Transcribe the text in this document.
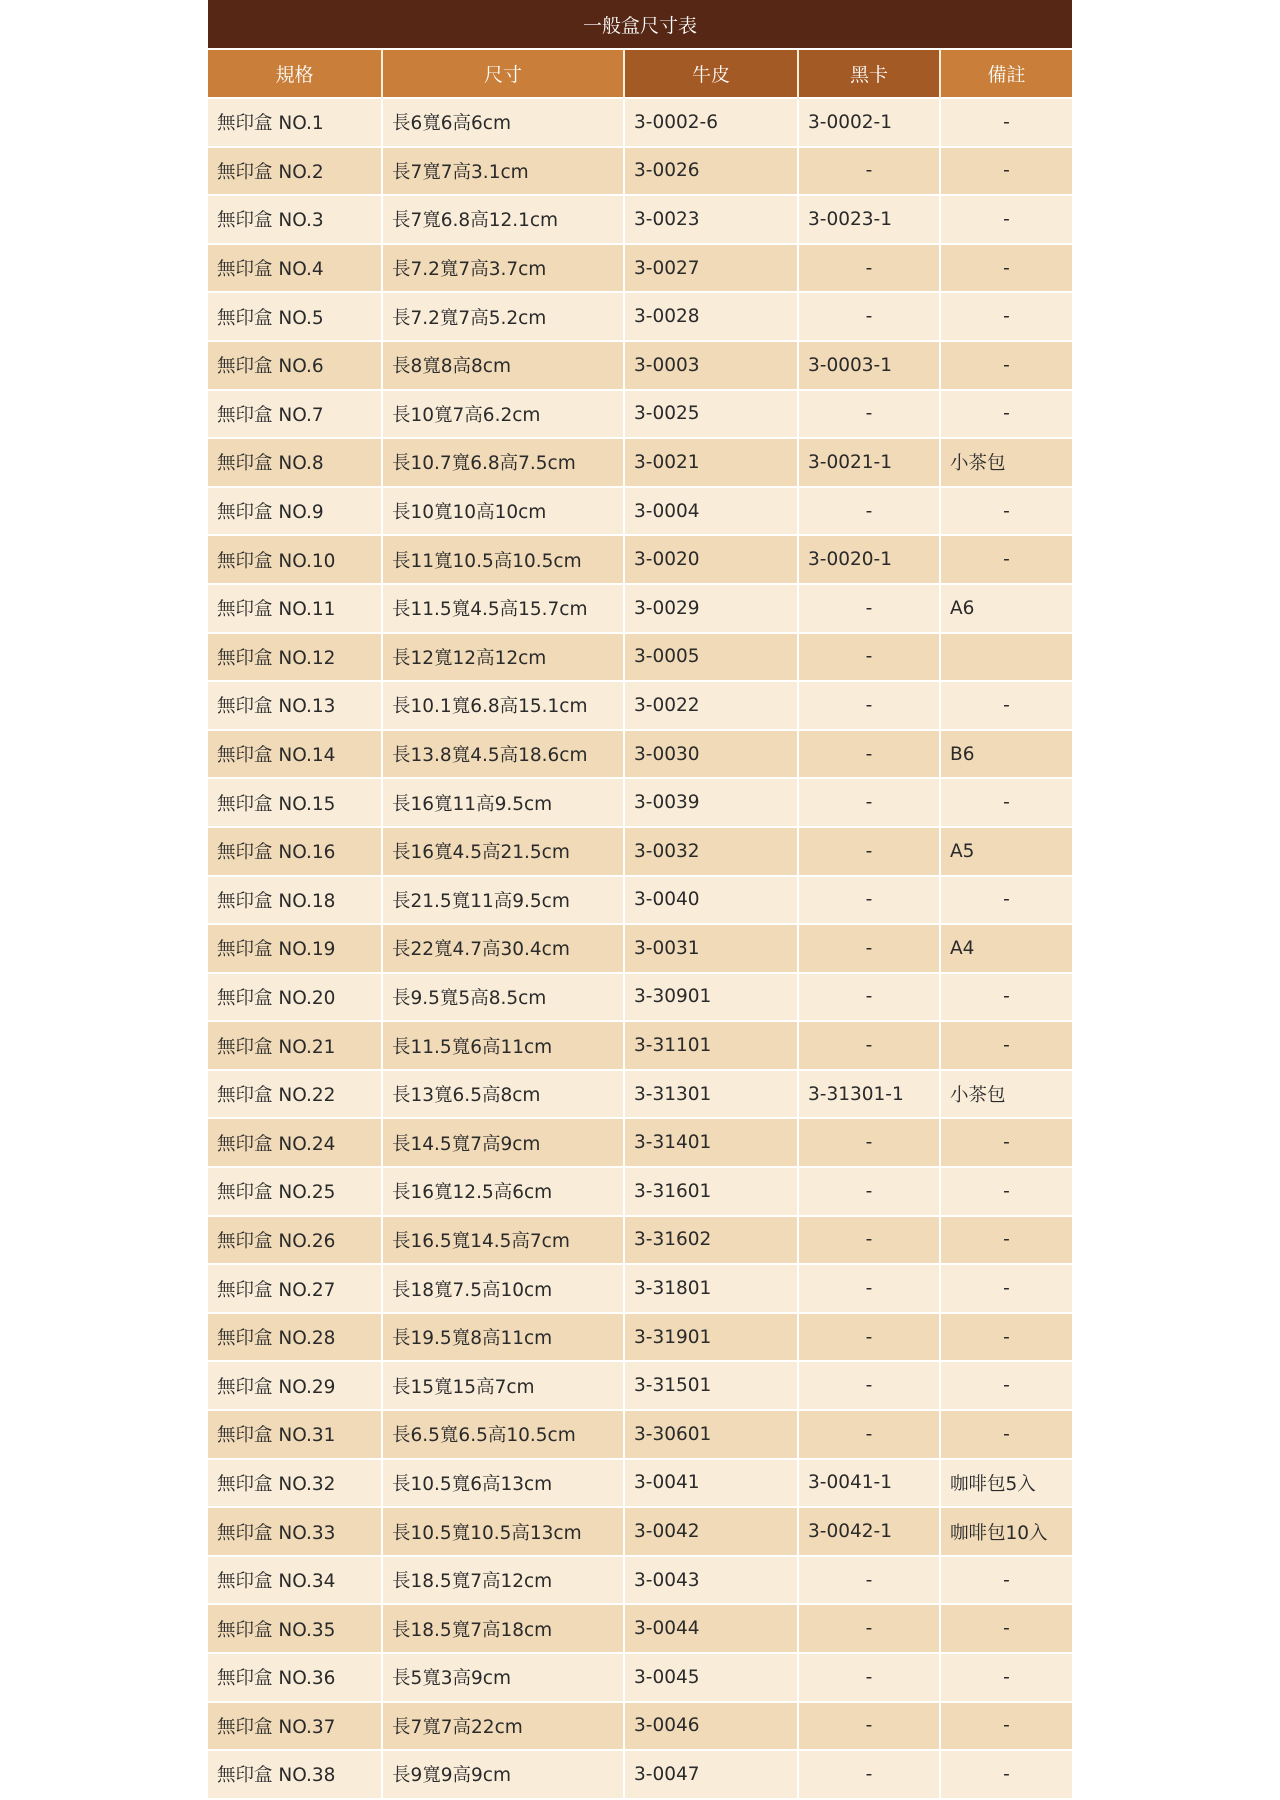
一般盒尺寸表				
規格	尺寸	牛皮	黑卡	備註
無印盒 NO.1	長6寬6高6cm	3-0002-6	3-0002-1	-
無印盒 NO.2	長7寬7高3.1cm	3-0026	-	-
無印盒 NO.3	長7寬6.8高12.1cm	3-0023	3-0023-1	-
無印盒 NO.4	長7.2寬7高3.7cm	3-0027	-	-
無印盒 NO.5	長7.2寬7高5.2cm	3-0028	-	-
無印盒 NO.6	長8寬8高8cm	3-0003	3-0003-1	-
無印盒 NO.7	長10寬7高6.2cm	3-0025	-	-
無印盒 NO.8	長10.7寬6.8高7.5cm	3-0021	3-0021-1	小茶包
無印盒 NO.9	長10寬10高10cm	3-0004	-	-
無印盒 NO.10	長11寬10.5高10.5cm	3-0020	3-0020-1	-
無印盒 NO.11	長11.5寬4.5高15.7cm	3-0029	-	A6
無印盒 NO.12	長12寬12高12cm	3-0005	-	
無印盒 NO.13	長10.1寬6.8高15.1cm	3-0022	-	-
無印盒 NO.14	長13.8寬4.5高18.6cm	3-0030	-	B6
無印盒 NO.15	長16寬11高9.5cm	3-0039	-	-
無印盒 NO.16	長16寬4.5高21.5cm	3-0032	-	A5
無印盒 NO.18	長21.5寬11高9.5cm	3-0040	-	-
無印盒 NO.19	長22寬4.7高30.4cm	3-0031	-	A4
無印盒 NO.20	長9.5寬5高8.5cm	3-30901	-	-
無印盒 NO.21	長11.5寬6高11cm	3-31101	-	-
無印盒 NO.22	長13寬6.5高8cm	3-31301	3-31301-1	小茶包
無印盒 NO.24	長14.5寬7高9cm	3-31401	-	-
無印盒 NO.25	長16寬12.5高6cm	3-31601	-	-
無印盒 NO.26	長16.5寬14.5高7cm	3-31602	-	-
無印盒 NO.27	長18寬7.5高10cm	3-31801	-	-
無印盒 NO.28	長19.5寬8高11cm	3-31901	-	-
無印盒 NO.29	長15寬15高7cm	3-31501	-	-
無印盒 NO.31	長6.5寬6.5高10.5cm	3-30601	-	-
無印盒 NO.32	長10.5寬6高13cm	3-0041	3-0041-1	咖啡包5入
無印盒 NO.33	長10.5寬10.5高13cm	3-0042	3-0042-1	咖啡包10入
無印盒 NO.34	長18.5寬7高12cm	3-0043	-	-
無印盒 NO.35	長18.5寬7高18cm	3-0044	-	-
無印盒 NO.36	長5寬3高9cm	3-0045	-	-
無印盒 NO.37	長7寬7高22cm	3-0046	-	-
無印盒 NO.38	長9寬9高9cm	3-0047	-	-
